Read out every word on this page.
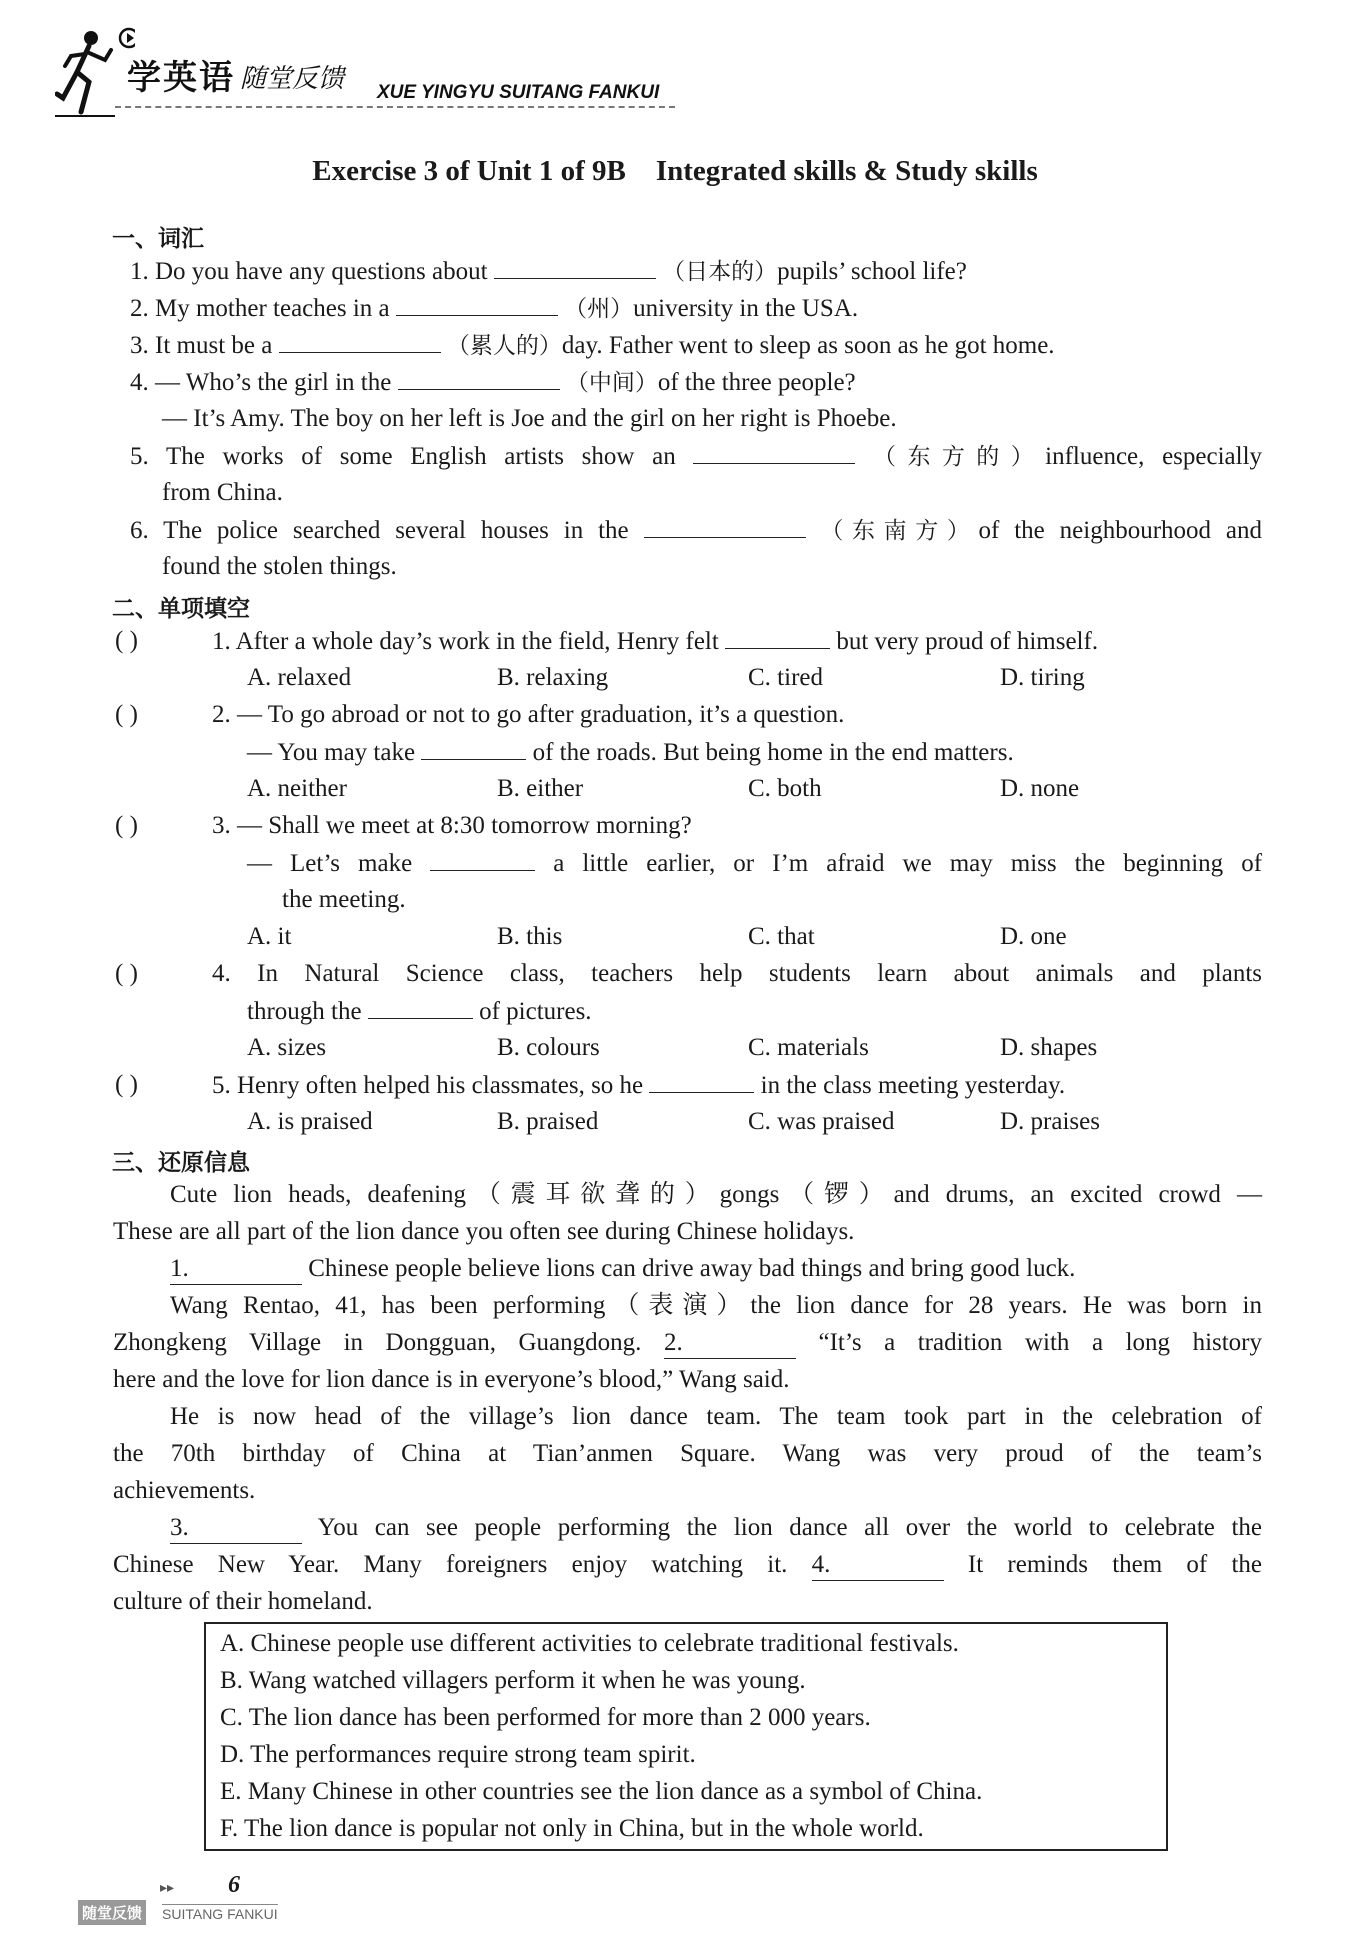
学英语 随堂反馈 XUE YINGYU SUITANG FANKUI
Exercise 3 of Unit 1 of 9B Integrated skills & Study skills
一、词汇
1. Do you have any questions about	（日本的）pupils’ school life?
2. My mother teaches in a	（州）university in the USA.
3. It must be a	（累人的）day. Father went to sleep as soon as he got home.
4. — Who’s the girl in the	（中间）of the three people?
— It’s Amy. The boy on her left is Joe and the girl on her right is Phoebe.
5. The works of some English artists show an	（东方的）influence, especially
from China.
6. The police searched several houses in the	（东南方）of the neighbourhood and
found the stolen things.
二、单项填空
( )	1. After a whole day’s work in the field, Henry felt	but very proud of himself.
A. relaxed	B. relaxing	C. tired	D. tiring
( )	2. — To go abroad or not to go after graduation, it’s a question.
— You may take	of the roads. But being home in the end matters.
A. neither	B. either	C. both	D. none
( )	3. — Shall we meet at 8:30 tomorrow morning?
— Let’s make	a little earlier, or I’m afraid we may miss the beginning of
the meeting.
A. it	B. this	C. that	D. one
( )	4. In Natural Science class, teachers help students learn about animals and plants
through the	of pictures.
A. sizes	B. colours	C. materials	D. shapes
( )	5. Henry often helped his classmates, so he	in the class meeting yesterday.
A. is praised	B. praised	C. was praised	D. praises
三、还原信息
Cute lion heads, deafening（震耳欲聋的）gongs（锣）and drums, an excited crowd —
These are all part of the lion dance you often see during Chinese holidays.
1.	Chinese people believe lions can drive away bad things and bring good luck.
Wang Rentao, 41, has been performing（表演）the lion dance for 28 years. He was born in
Zhongkeng Village in Dongguan, Guangdong. 2.	“It’s a tradition with a long history
here and the love for lion dance is in everyone’s blood,” Wang said.
He is now head of the village’s lion dance team. The team took part in the celebration of
the 70th birthday of China at Tian’anmen Square. Wang was very proud of the team’s
achievements.
3.	You can see people performing the lion dance all over the world to celebrate the
Chinese New Year. Many foreigners enjoy watching it. 4.	It reminds them of the
culture of their homeland.
A. Chinese people use different activities to celebrate traditional festivals.
B. Wang watched villagers perform it when he was young.
C. The lion dance has been performed for more than 2 000 years.
D. The performances require strong team spirit.
E. Many Chinese in other countries see the lion dance as a symbol of China.
F. The lion dance is popular not only in China, but in the whole world.
▸▸ 6
随堂反馈 SUITANG FANKUI
